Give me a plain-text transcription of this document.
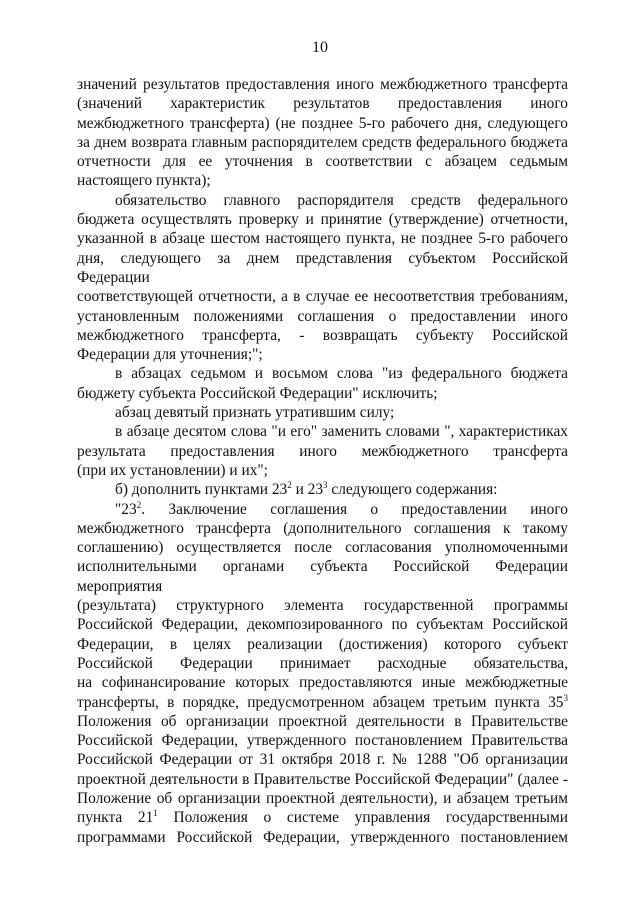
10

значений результатов предоставления иного межбюджетного трансферта
(значений характеристик результатов предоставления иного
межбюджетного трансферта) (не позднее 5-го рабочего дня, следующего
за днем возврата главным распорядителем средств федерального бюджета
отчетности для ее уточнения в соответствии с абзацем седьмым
настоящего пункта);

обязательство главного распорядителя средств федерального
бюджета осуществлять проверку и принятие (утверждение) отчетности,
указанной в абзаце шестом настоящего пункта, не позднее 5-го рабочего
дня, следующего за днем представления субъектом Российской Федерации
соответствующей отчетности, а в случае ее несоответствия требованиям,
установленным положениями соглашения о предоставлении иного
межбюджетного трансферта, - возвращать субъекту Российской
Федерации для уточнения;";

в абзацах седьмом и восьмом слова "из федерального бюджета
бюджету субъекта Российской Федерации" исключить;

абзац девятый признать утратившим силу;

в абзаце десятом слова "и его" заменить словами ", характеристиках
результата предоставления иного межбюджетного трансферта
(при их установлении) и их";

б) дополнить пунктами $23^2$ и $23^3$ следующего содержания:

"$23^2$. Заключение соглашения о предоставлении иного
межбюджетного трансферта (дополнительного соглашения к такому
соглашению) осуществляется после согласования уполномоченными
исполнительными органами субъекта Российской Федерации мероприятия
(результата) структурного элемента государственной программы
Российской Федерации, декомпозированного по субъектам Российской
Федерации, в целях реализации (достижения) которого субъект
Российской Федерации принимает расходные обязательства,
на софинансирование которых предоставляются иные межбюджетные
трансферты, в порядке, предусмотренном абзацем третьим пункта $35^3$
Положения об организации проектной деятельности в Правительстве
Российской Федерации, утвержденного постановлением Правительства
Российской Федерации от 31 октября 2018 г. № 1288 "Об организации
проектной деятельности в Правительстве Российской Федерации" (далее -
Положение об организации проектной деятельности), и абзацем третьим
пункта $21^1$ Положения о системе управления государственными
программами Российской Федерации, утвержденного постановлением
